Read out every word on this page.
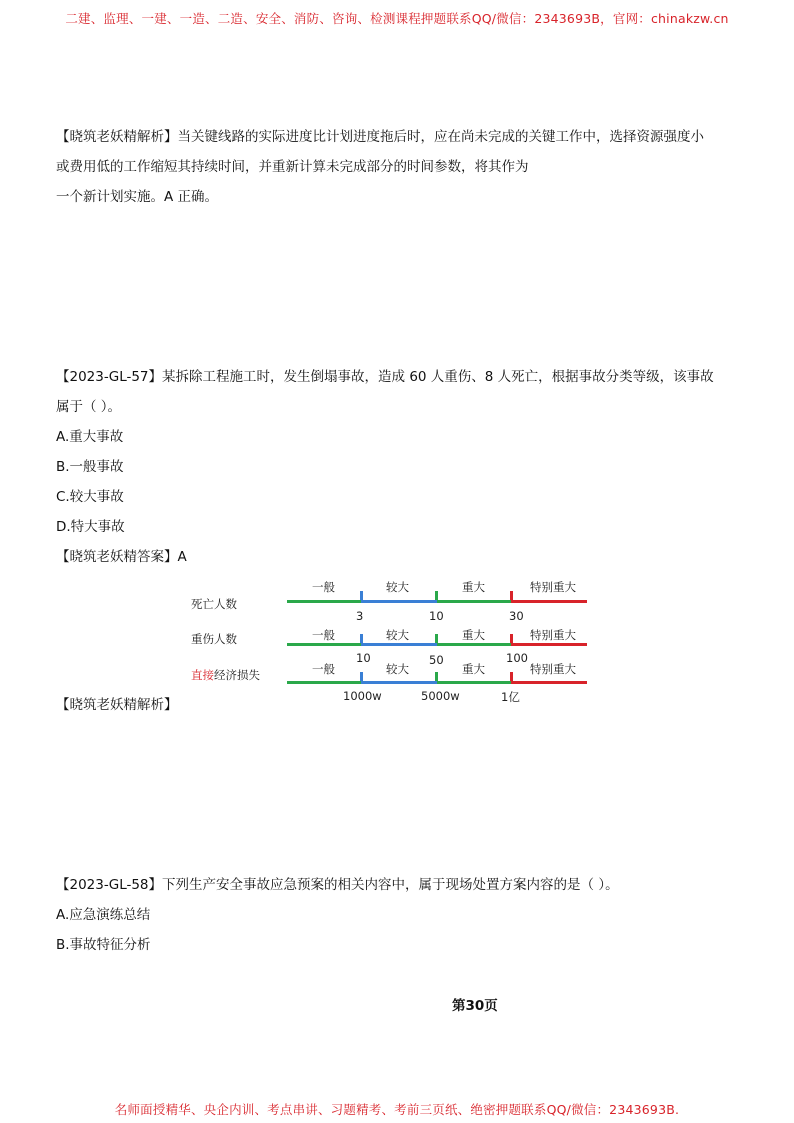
二建、监理、一建、一造、二造、安全、消防、咨询、检测课程押题联系QQ/微信：2343693B，官网：chinakzw.cn
【晓筑老妖精解析】当关键线路的实际进度比计划进度拖后时，应在尚未完成的关键工作中，选择资源强度小
或费用低的工作缩短其持续时间，并重新计算未完成部分的时间参数，将其作为
一个新计划实施。A 正确。
【2023-GL-57】某拆除工程施工时，发生倒塌事故，造成 60 人重伤、8 人死亡，根据事故分类等级，该事故
属于（ ）。
A.重大事故
B.一般事故
C.较大事故
D.特大事故
【晓筑老妖精答案】A
【晓筑老妖精解析】
死亡人数
一般	较大	重大	特别重大
3	10	30
重伤人数	一般	较大	重大	特别重大
10	50	100
直接经济损失	一般	较大	重大	特别重大
1000w	5000w	1亿
【2023-GL-58】下列生产安全事故应急预案的相关内容中，属于现场处置方案内容的是（ ）。
A.应急演练总结
B.事故特征分析
第30页
名师面授精华、央企内训、考点串讲、习题精考、考前三页纸、绝密押题联系QQ/微信：2343693B.
